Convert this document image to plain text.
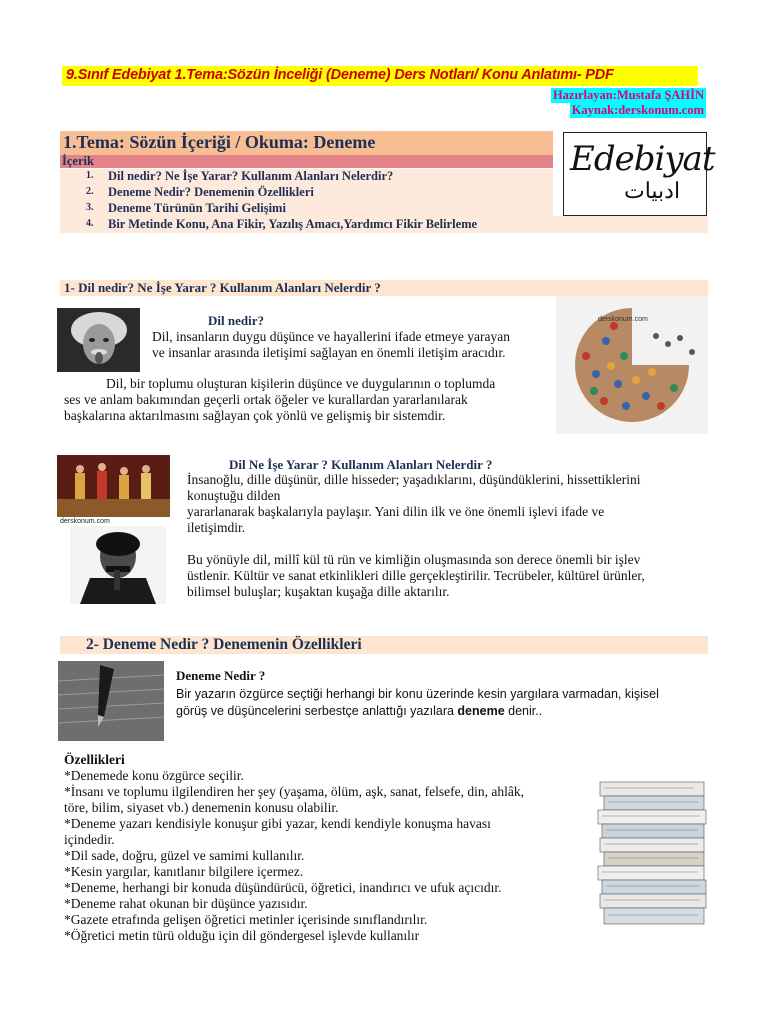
9.Sınıf Edebiyat 1.Tema:Sözün İnceliği (Deneme) Ders Notları/ Konu Anlatımı- PDF
Hazırlayan:Mustafa ŞAHİN
Kaynak:derskonum.com
1.Tema: Sözün İçeriği / Okuma: Deneme
İçerik
1. Dil nedir? Ne İşe Yarar? Kullanım Alanları Nelerdir?
2. Deneme Nedir? Denemenin Özellikleri
3. Deneme Türünün Tarihi Gelişimi
4. Bir Metinde Konu, Ana Fikir, Yazılış Amacı,Yardımcı Fikir Belirleme
Edebiyat
ادبيات
1- Dil nedir? Ne İşe Yarar ? Kullanım Alanları Nelerdir ?
Dil nedir?
Dil, insanların duygu düşünce ve hayallerini ifade etmeye yarayan
ve insanlar arasında iletişimi sağlayan en önemli iletişim aracıdır.
derskonum.com
Dil, bir toplumu oluşturan kişilerin düşünce ve duygularının o toplumda
ses ve anlam bakımından geçerli ortak öğeler ve kurallardan yararlanılarak
başkalarına aktarılmasını sağlayan çok yönlü ve gelişmiş bir sistemdir.
derskonum.com
Dil Ne İşe Yarar ? Kullanım Alanları Nelerdir ?
İnsanoğlu, dille düşünür, dille hisseder; yaşadıklarını, düşündüklerini, hissettiklerini
konuştuğu dilden
yararlanarak başkalarıyla paylaşır. Yani dilin ilk ve öne önemli işlevi ifade ve
iletişimdir.
Bu yönüyle dil, millî kül tü rün ve kimliğin oluşmasında son derece önemli bir işlev
üstlenir. Kültür ve sanat etkinlikleri dille gerçekleştirilir. Tecrübeler, kültürel ürünler,
bilimsel buluşlar; kuşaktan kuşağa dille aktarılır.
2- Deneme Nedir ? Denemenin Özellikleri
Deneme Nedir ?
Bir yazarın özgürce seçtiği herhangi bir konu üzerinde kesin yargılara varmadan, kişisel
görüş ve düşüncelerini serbestçe anlattığı yazılara deneme denir..
Özellikleri
*Denemede konu özgürce seçilir.
*İnsanı ve toplumu ilgilendiren her şey (yaşama, ölüm, aşk, sanat, felsefe, din, ahlâk,
töre, bilim, siyaset vb.) denemenin konusu olabilir.
*Deneme yazarı kendisiyle konuşur gibi yazar, kendi kendiyle konuşma havası
içindedir.
*Dil sade, doğru, güzel ve samimi kullanılır.
*Kesin yargılar, kanıtlanır bilgilere içermez.
*Deneme, herhangi bir konuda düşündürücü, öğretici, inandırıcı ve ufuk açıcıdır.
*Deneme rahat okunan bir düşünce yazısıdır.
*Gazete etrafında gelişen öğretici metinler içerisinde sınıflandırılır.
*Öğretici metin türü olduğu için dil göndergesel işlevde kullanılır
